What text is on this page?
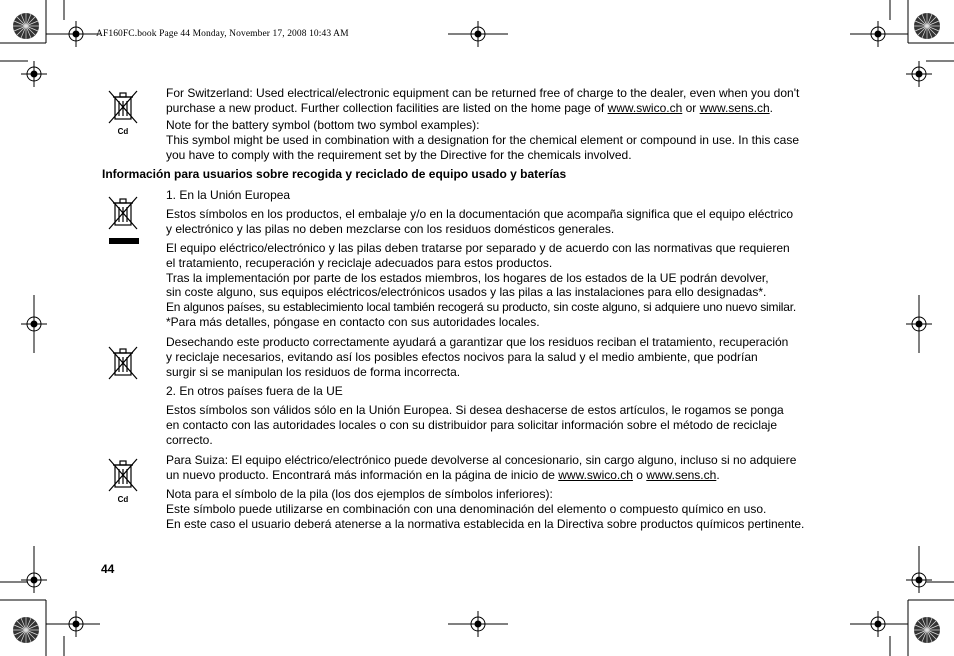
AF160FC.book Page 44 Monday, November 17, 2008 10:43 AM
Cd
Cd
For Switzerland: Used electrical/electronic equipment can be returned free of charge to the dealer, even when you don't
purchase a new product. Further collection facilities are listed on the home page of www.swico.ch or www.sens.ch.
Note for the battery symbol (bottom two symbol examples):
This symbol might be used in combination with a designation for the chemical element or compound in use. In this case
you have to comply with the requirement set by the Directive for the chemicals involved.
Información para usuarios sobre recogida y reciclado de equipo usado y baterías
1. En la Unión Europea
Estos símbolos en los productos, el embalaje y/o en la documentación que acompaña significa que el equipo eléctrico
y electrónico y las pilas no deben mezclarse con los residuos domésticos generales.
El equipo eléctrico/electrónico y las pilas deben tratarse por separado y de acuerdo con las normativas que requieren
el tratamiento, recuperación y reciclaje adecuados para estos productos.
Tras la implementación por parte de los estados miembros, los hogares de los estados de la UE podrán devolver,
sin coste alguno, sus equipos eléctricos/electrónicos usados y las pilas a las instalaciones para ello designadas*.
En algunos países, su establecimiento local también recogerá su producto, sin coste alguno, si adquiere uno nuevo similar.
*Para más detalles, póngase en contacto con sus autoridades locales.
Desechando este producto correctamente ayudará a garantizar que los residuos reciban el tratamiento, recuperación
y reciclaje necesarios, evitando así los posibles efectos nocivos para la salud y el medio ambiente, que podrían
surgir si se manipulan los residuos de forma incorrecta.
2. En otros países fuera de la UE
Estos símbolos son válidos sólo en la Unión Europea. Si desea deshacerse de estos artículos, le rogamos se ponga
en contacto con las autoridades locales o con su distribuidor para solicitar información sobre el método de reciclaje
correcto.
Para Suiza: El equipo eléctrico/electrónico puede devolverse al concesionario, sin cargo alguno, incluso si no adquiere
un nuevo producto. Encontrará más información en la página de inicio de www.swico.ch o www.sens.ch.
Nota para el símbolo de la pila (los dos ejemplos de símbolos inferiores):
Este símbolo puede utilizarse en combinación con una denominación del elemento o compuesto químico en uso.
En este caso el usuario deberá atenerse a la normativa establecida en la Directiva sobre productos químicos pertinente.
44
